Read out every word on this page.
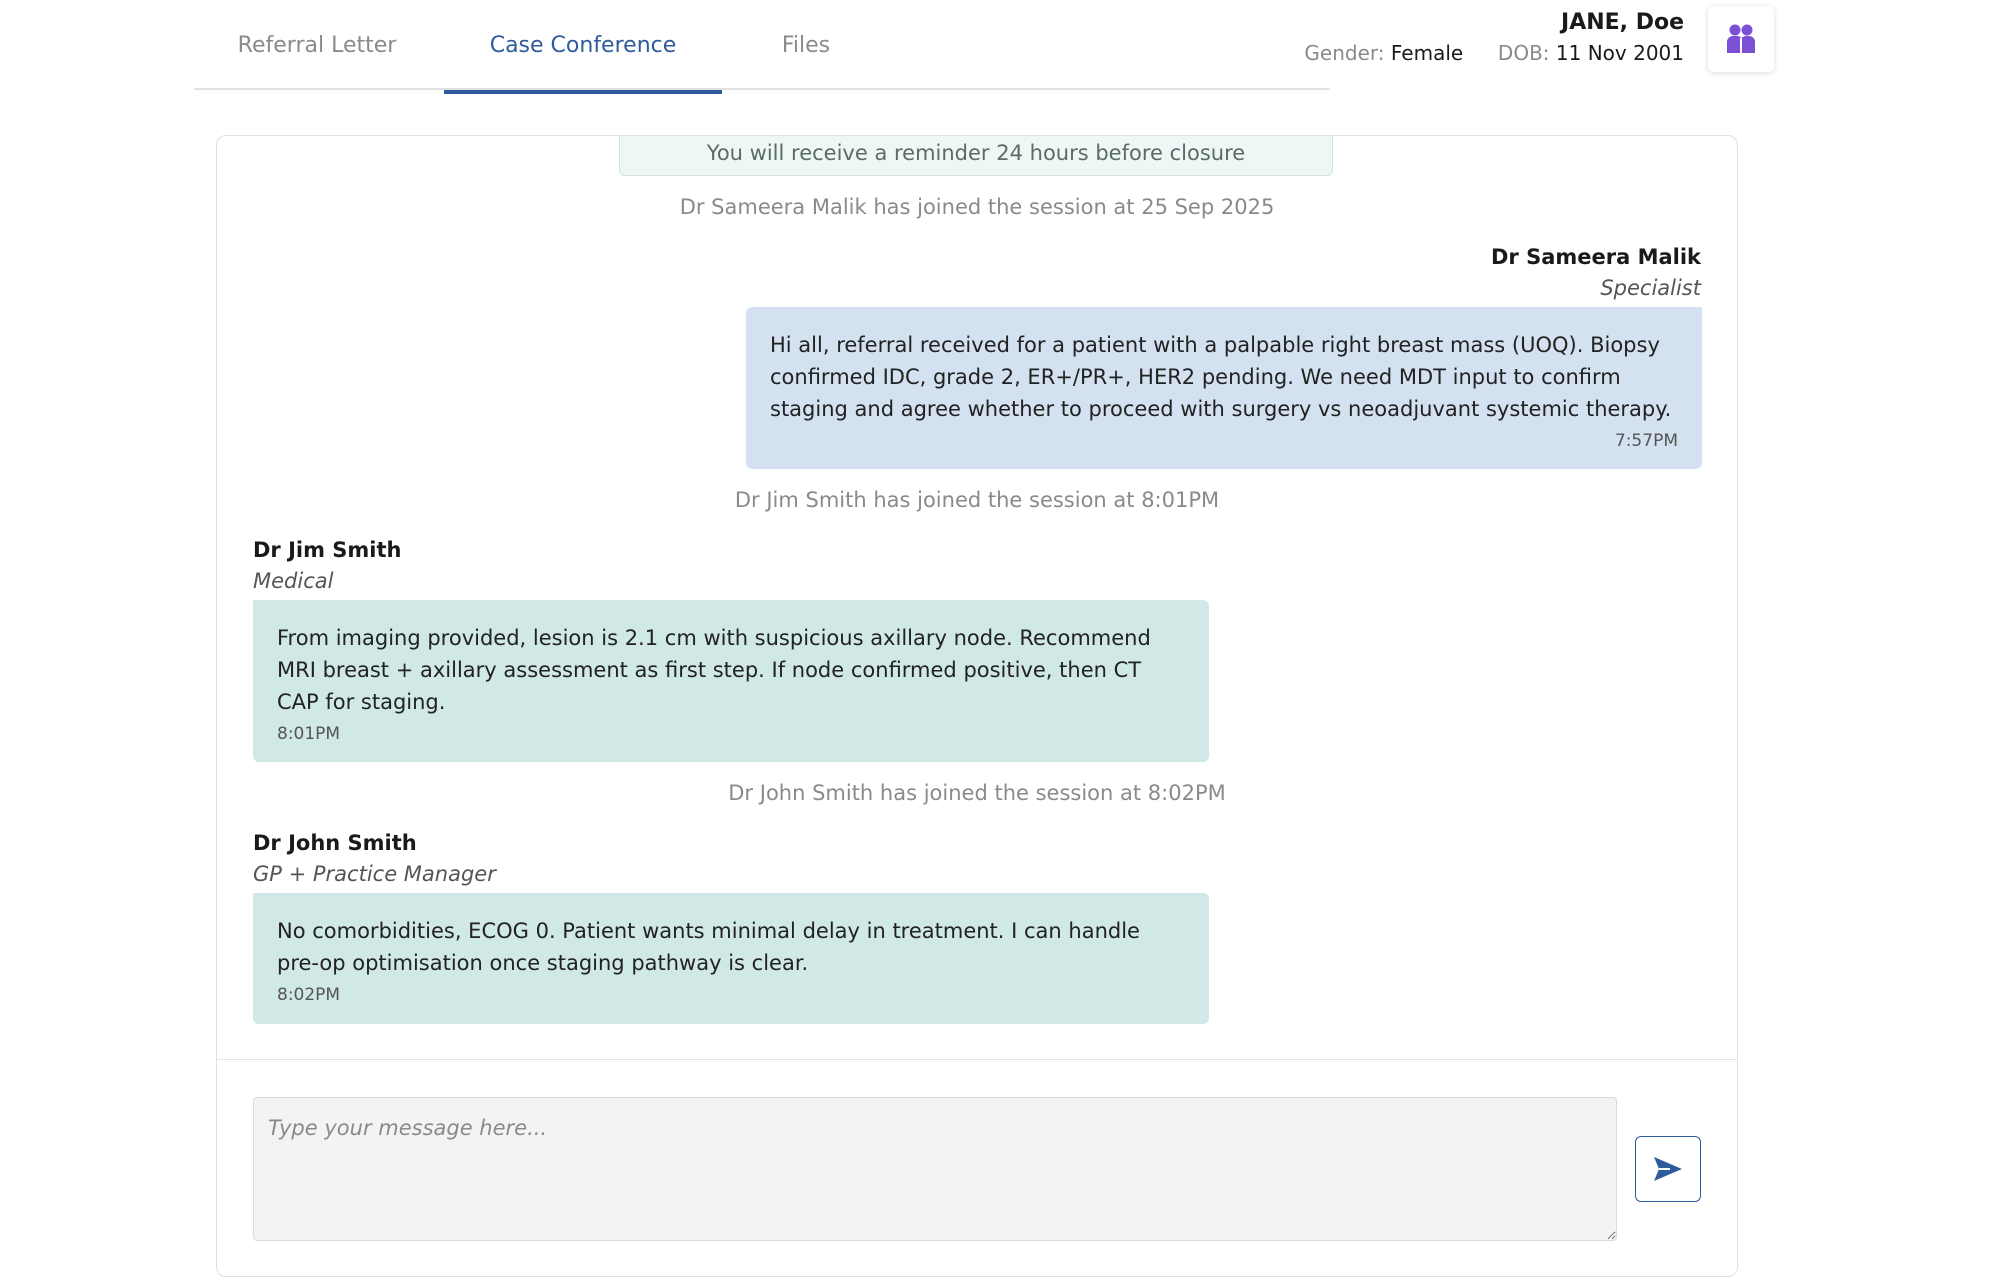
Referral Letter	Case Conference	Files
JANE, Doe
Gender: Female DOB: 11 Nov 2001
You will receive a reminder 24 hours before closure
Dr Sameera Malik has joined the session at 25 Sep 2025
Dr Sameera Malik
Specialist
Hi all, referral received for a patient with a palpable right breast mass (UOQ). Biopsy confirmed IDC, grade 2, ER+/PR+, HER2 pending. We need MDT input to confirm staging and agree whether to proceed with surgery vs neoadjuvant systemic therapy.
7:57PM
Dr Jim Smith has joined the session at 8:01PM
Dr Jim Smith
Medical
From imaging provided, lesion is 2.1 cm with suspicious axillary node. Recommend MRI breast + axillary assessment as first step. If node confirmed positive, then CT CAP for staging.
8:01PM
Dr John Smith has joined the session at 8:02PM
Dr John Smith
GP + Practice Manager
No comorbidities, ECOG 0. Patient wants minimal delay in treatment. I can handle pre-op optimisation once staging pathway is clear.
8:02PM
Type your message here...
